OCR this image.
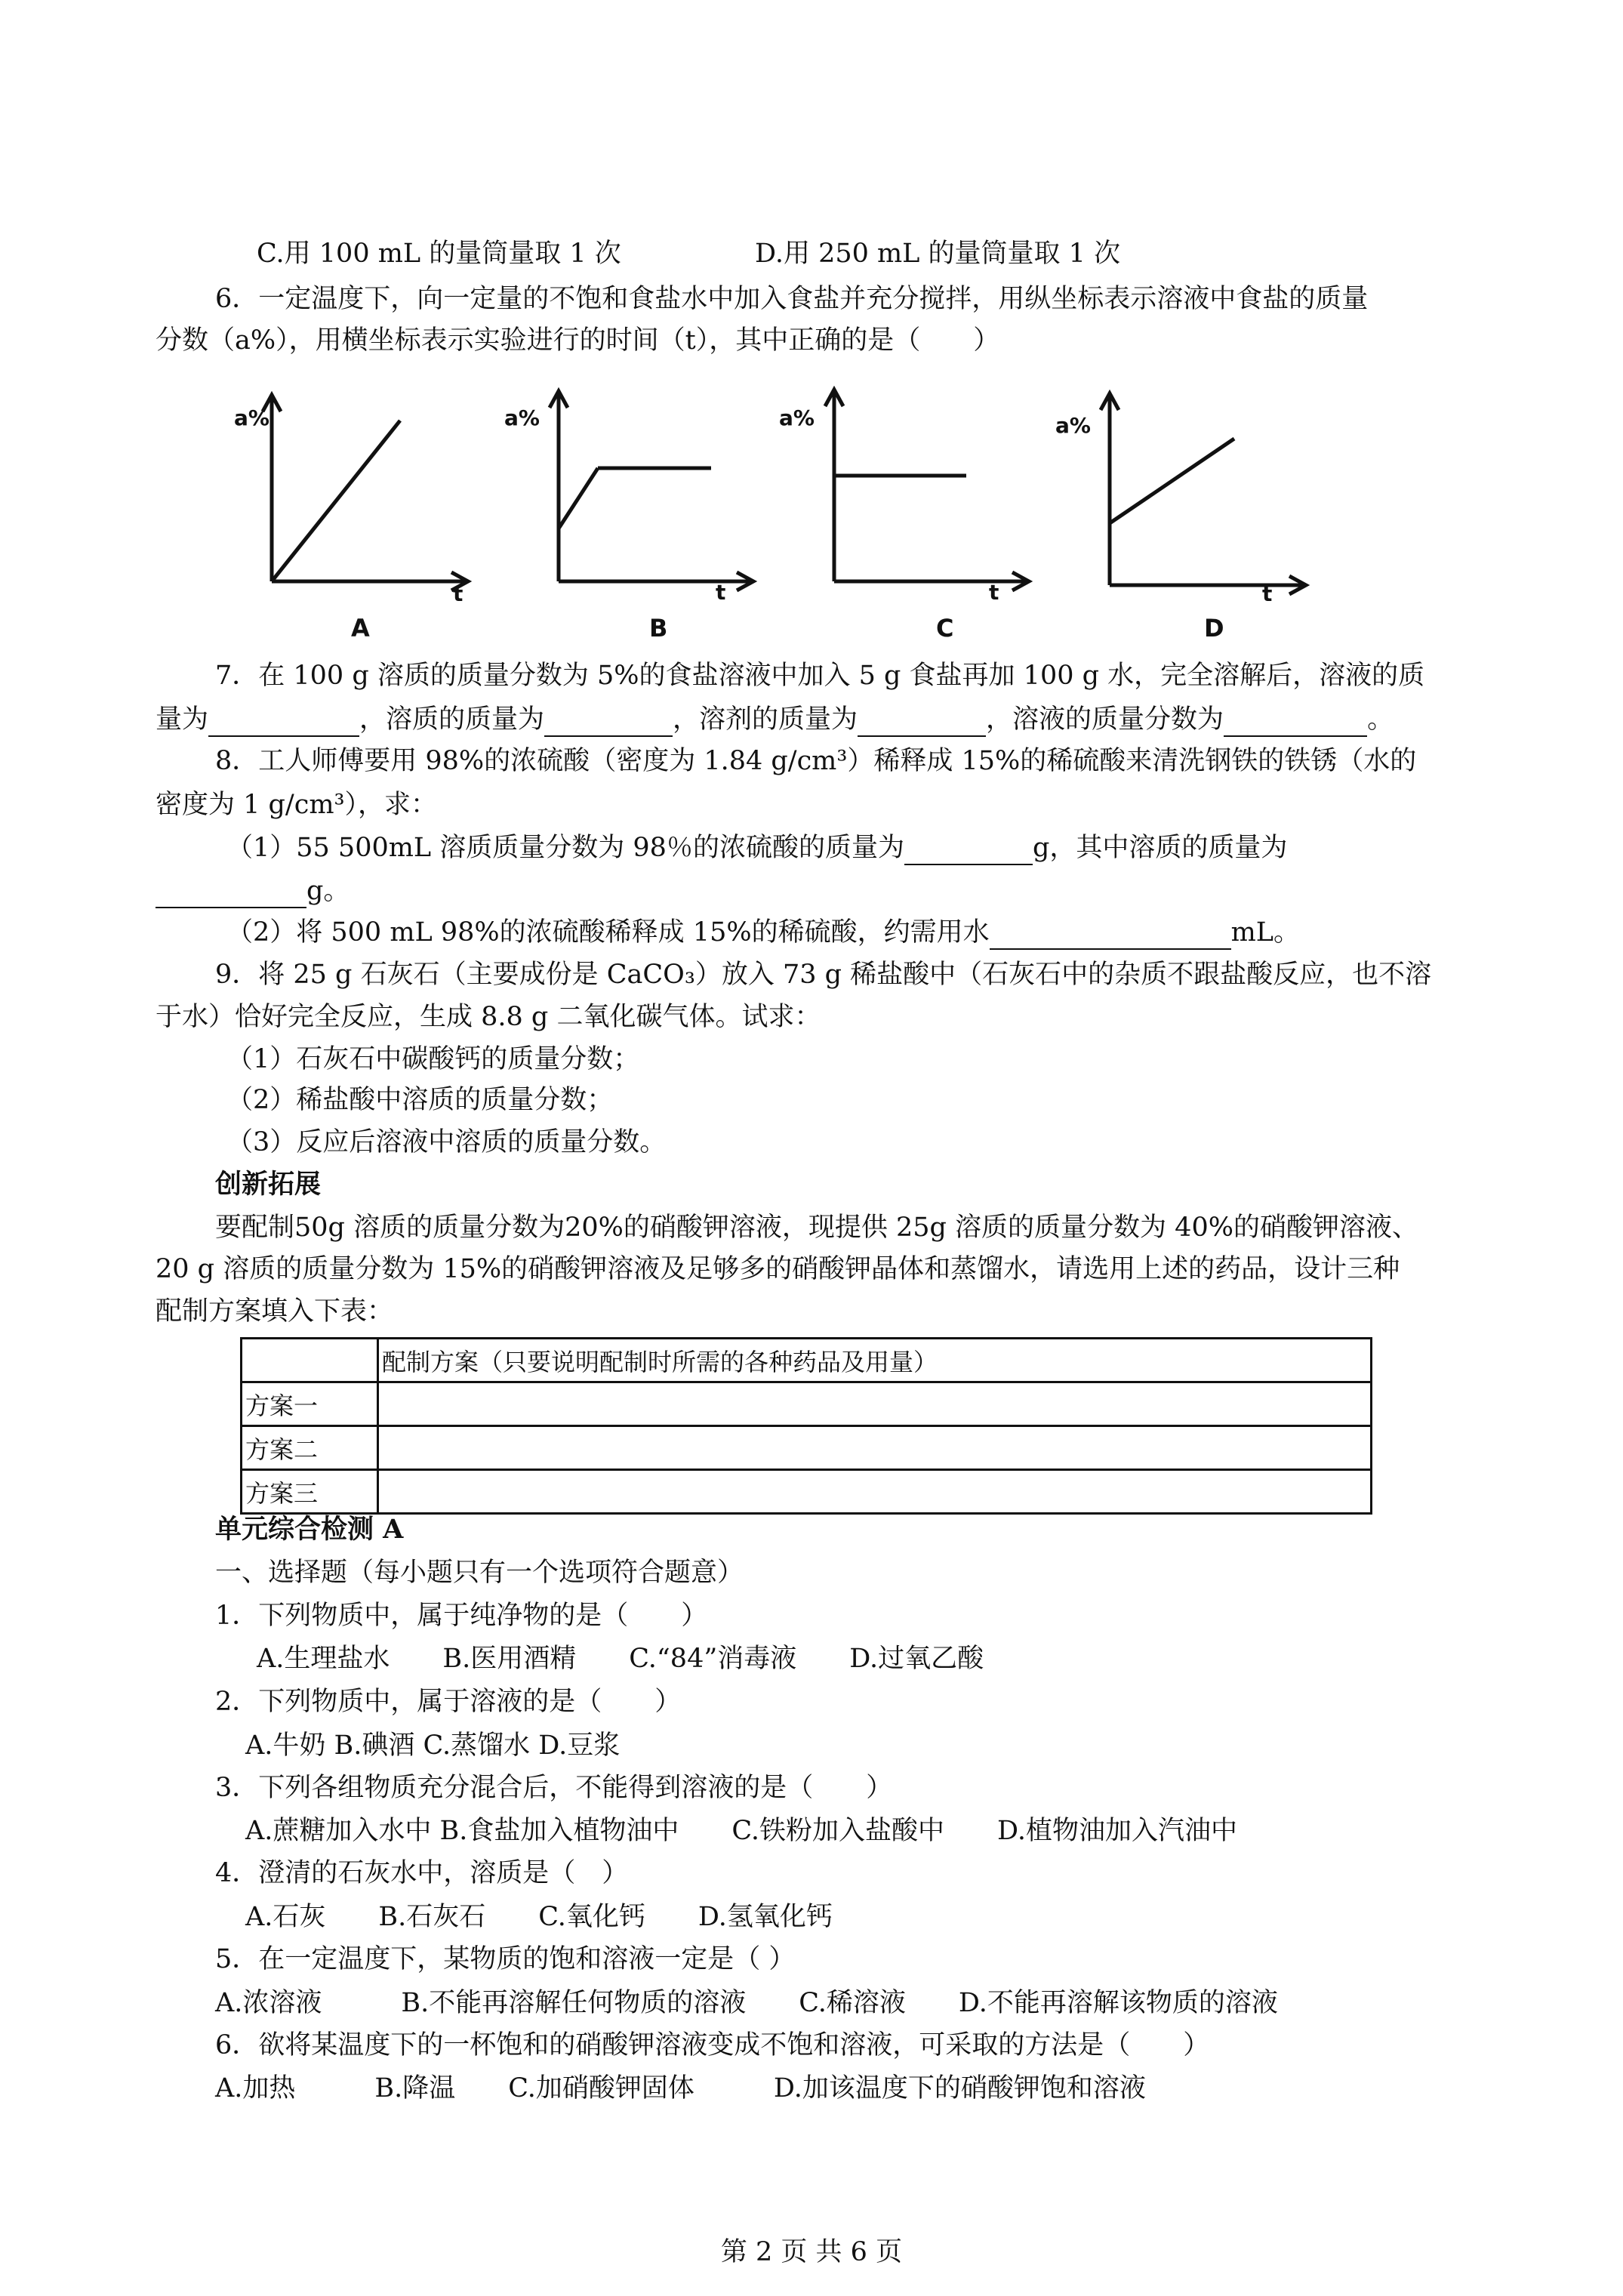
C.用 100 mL 的量筒量取 1 次	D.用 250 mL 的量筒量取 1 次
6．一定温度下，向一定量的不饱和食盐水中加入食盐并充分搅拌，用纵坐标表示溶液中食盐的质量
分数（a%），用横坐标表示实验进行的时间（t），其中正确的是（　　）
a%
t
A
a%
t
B
a%
t
C
a%
t
D
7．在 100 g 溶质的质量分数为 5%的食盐溶液中加入 5 g 食盐再加 100 g 水，完全溶解后，溶液的质
量为	，溶质的质量为	，溶剂的质量为	，溶液的质量分数为	。
8．工人师傅要用 98%的浓硫酸（密度为 1.84 g/cm³）稀释成 15%的稀硫酸来清洗钢铁的铁锈（水的
密度为 1 g/cm³），求：
（1）55 500mL 溶质质量分数为 98％的浓硫酸的质量为	g，其中溶质的质量为
g。
（2）将 500 mL 98%的浓硫酸稀释成 15%的稀硫酸，约需用水	mL。
9．将 25 g 石灰石（主要成份是 CaCO₃）放入 73 g 稀盐酸中（石灰石中的杂质不跟盐酸反应，也不溶
于水）恰好完全反应，生成 8.8 g 二氧化碳气体。试求：
（1）石灰石中碳酸钙的质量分数；
（2）稀盐酸中溶质的质量分数；
（3）反应后溶液中溶质的质量分数。
创新拓展
要配制50g 溶质的质量分数为20%的硝酸钾溶液，现提供 25g 溶质的质量分数为 40%的硝酸钾溶液、
20 g 溶质的质量分数为 15%的硝酸钾溶液及足够多的硝酸钾晶体和蒸馏水，请选用上述的药品，设计三种
配制方案填入下表：
	配制方案（只要说明配制时所需的各种药品及用量）
方案一	
方案二	
方案三	
单元综合检测 A
一、选择题（每小题只有一个选项符合题意）
1．下列物质中，属于纯净物的是（　　）
A.生理盐水　　B.医用酒精　　C.“84”消毒液　　D.过氧乙酸
2．下列物质中，属于溶液的是（　　）
A.牛奶 B.碘酒 C.蒸馏水 D.豆浆
3．下列各组物质充分混合后，不能得到溶液的是（　　）
A.蔗糖加入水中 B.食盐加入植物油中　　C.铁粉加入盐酸中　　D.植物油加入汽油中
4．澄清的石灰水中，溶质是（　）
A.石灰　　B.石灰石　　C.氧化钙　　D.氢氧化钙
5．在一定温度下，某物质的饱和溶液一定是（ ）
A.浓溶液　　　B.不能再溶解任何物质的溶液　　C.稀溶液　　D.不能再溶解该物质的溶液
6．欲将某温度下的一杯饱和的硝酸钾溶液变成不饱和溶液，可采取的方法是（　　）
A.加热　　　B.降温　　C.加硝酸钾固体　　　D.加该温度下的硝酸钾饱和溶液
第 2 页 共 6 页
